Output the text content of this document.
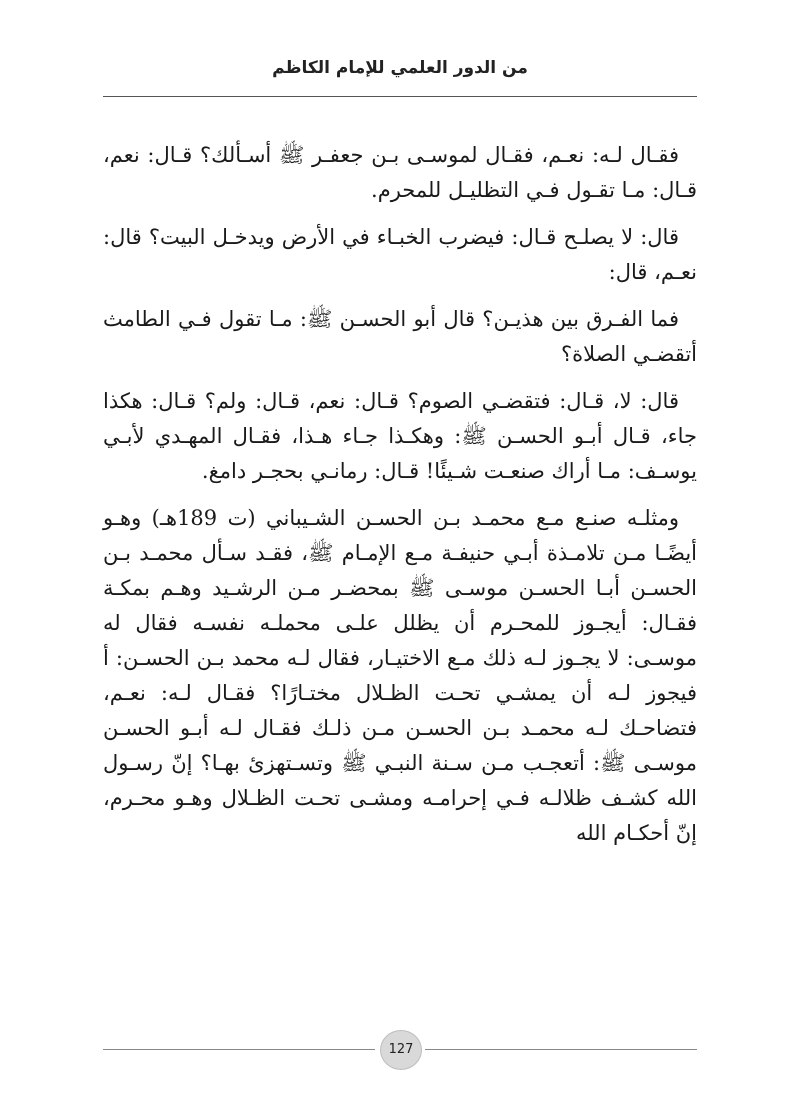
من الدور العلمي للإمام الكاظم

فقـال لـه: نعـم، فقـال لموسـى بـن جعفـر ﷺ أسـألك؟ قـال: نعم، قـال: مـا تقـول فـي التظليـل للمحرم.

قال: لا يصلـح قـال: فيضرب الخبـاء في الأرض ويدخـل البيت؟ قال: نعـم، قال:

فما الفـرق بين هذيـن؟ قال أبو الحسـن ﷺ: مـا تقول فـي الطامث أتقضـي الصلاة؟

قال: لا، قـال: فتقضـي الصوم؟ قـال: نعم، قـال: ولم؟ قـال: هكذا جاء، قـال أبـو الحسـن ﷺ: وهكـذا جـاء هـذا، فقـال المهـدي لأبـي يوسـف: مـا أراك صنعـت شـيئًا! قـال: رمانـي بحجـر دامغ.

ومثلـه صنـع مـع محمـد بـن الحسـن الشـيباني (ت 189هـ) وهـو أيضًـا مـن تلامـذة أبـي حنيفـة مـع الإمـام ﷺ، فقـد سـأل محمـد بـن الحسـن أبـا الحسـن موسـى ﷺ بمحضـر مـن الرشـيد وهـم بمكـة فقـال: أيجـوز للمحـرم أن يظلل علـى محملـه نفسـه فقال له موسـى: لا يجـوز لـه ذلك مـع الاختيـار، فقال لـه محمد بـن الحسـن: أ فيجوز لـه أن يمشـي تحـت الظـلال مختـارًا؟ فقـال لـه: نعـم، فتضاحـك لـه محمـد بـن الحسـن مـن ذلـك فقـال لـه أبـو الحسـن موسـى ﷺ: أتعجـب مـن سـنة النبـي ﷺ وتسـتهزئ بهـا؟ إنّ رسـول الله كشـف ظلالـه فـي إحرامـه ومشـى تحـت الظـلال وهـو محـرم، إنّ أحكـام الله

127
